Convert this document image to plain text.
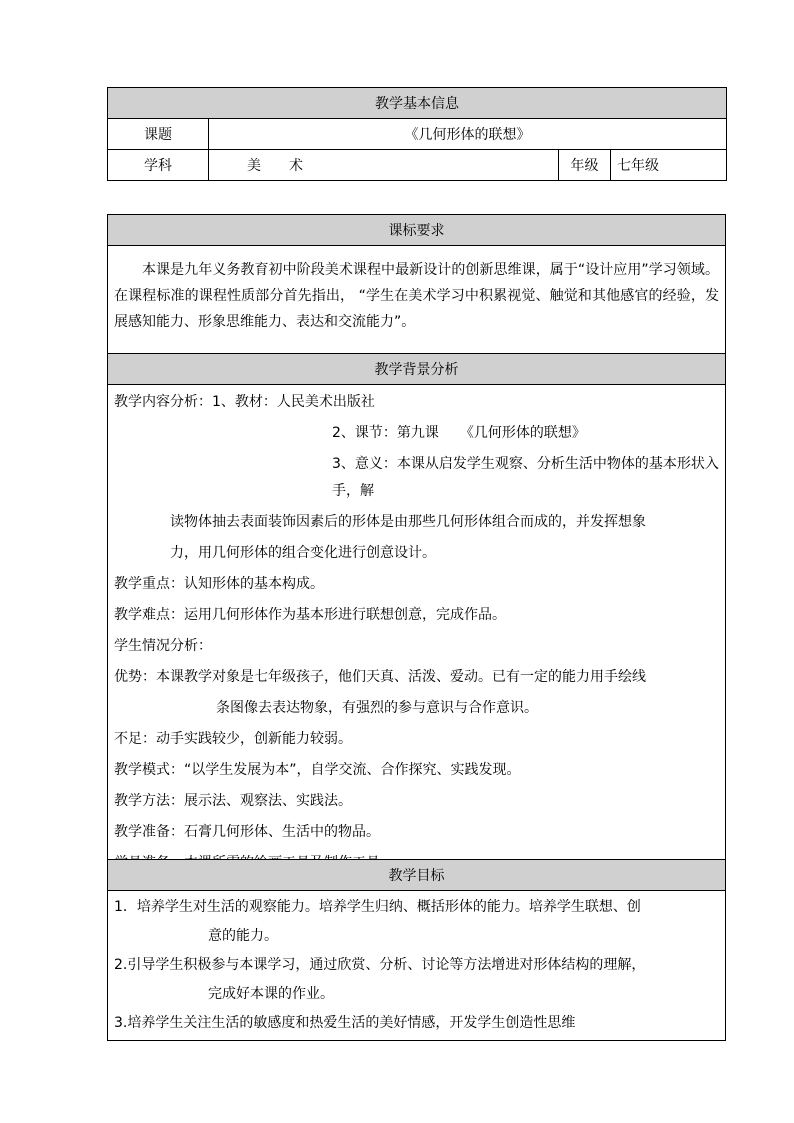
教学基本信息			
课题	《几何形体的联想》		
学科	美　　术	年级	七年级
课标要求

本课是九年义务教育初中阶段美术课程中最新设计的创新思维课，属于“设计应用”学习领域。在课程标准的课程性质部分首先指出， “学生在美术学习中积累视觉、触觉和其他感官的经验，发展感知能力、形象思维能力、表达和交流能力”。

教学背景分析

教学内容分析：1、教材：人民美术出版社

2、课节：第九课　　《几何形体的联想》

3、意义：本课从启发学生观察、分析生活中物体的基本形状入手，解

读物体抽去表面装饰因素后的形体是由那些几何形体组合而成的，并发挥想象

力，用几何形体的组合变化进行创意设计。

教学重点：认知形体的基本构成。

教学难点：运用几何形体作为基本形进行联想创意，完成作品。

学生情况分析：

优势：本课教学对象是七年级孩子，他们天真、活泼、爱动。已有一定的能力用手绘线

条图像去表达物象，有强烈的参与意识与合作意识。

不足：动手实践较少，创新能力较弱。

教学模式：“以学生发展为本”，自学交流、合作探究、实践发现。

教学方法：展示法、观察法、实践法。

教学准备：石膏几何形体、生活中的物品。

教学目标

1．培养学生对生活的观察能力。培养学生归纳、概括形体的能力。培养学生联想、创

意的能力。

2.引导学生积极参与本课学习，通过欣赏、分析、讨论等方法增进对形体结构的理解，

完成好本课的作业。

3.培养学生关注生活的敏感度和热爱生活的美好情感，开发学生创造性思维
